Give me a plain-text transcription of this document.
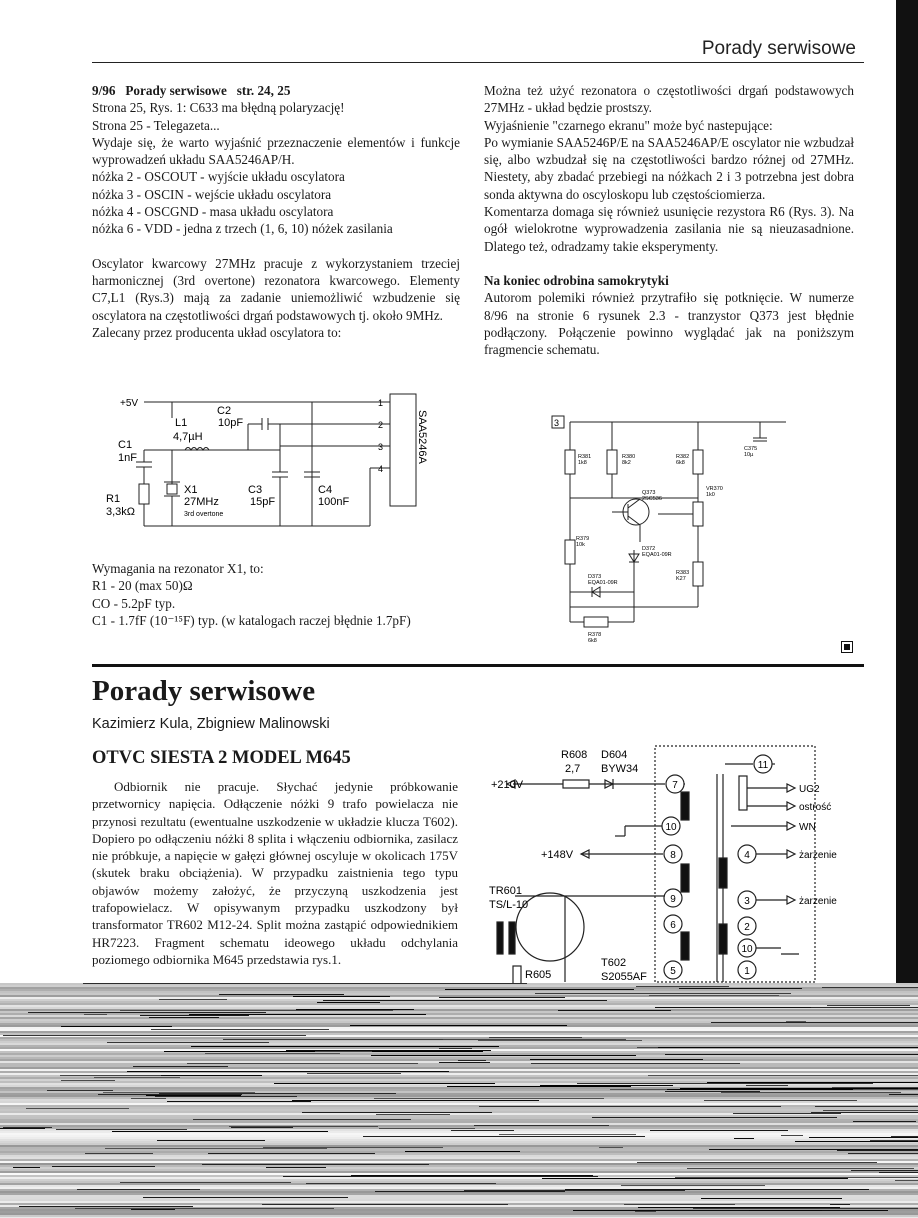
Porady serwisowe

9/96 Porady serwisowe str. 24, 25

Strona 25, Rys. 1: C633 ma błędną polaryzację!

Strona 25 - Telegazeta...

Wydaje się, że warto wyjaśnić przeznaczenie elementów i funkcje wyprowadzeń układu SAA5246AP/H.

nóżka 2 - OSCOUT - wyjście układu oscylatora

nóżka 3 - OSCIN - wejście układu oscylatora

nóżka 4 - OSCGND - masa układu oscylatora

nóżka 6 - VDD - jedna z trzech (1, 6, 10) nóżek zasilania

Oscylator kwarcowy 27MHz pracuje z wykorzystaniem trzeciej harmonicznej (3rd overtone) rezonatora kwarcowego. Elementy C7,L1 (Rys.3) mają za zadanie uniemożliwić wzbudzenie się oscylatora na częstotliwości drgań podstawowych tj. około 9MHz.

Zalecany przez producenta układ oscylatora to:

+5V
L1
4,7µH
C2
10pF
C1
1nF
R1
3,3kΩ
X1
27MHz
3rd overtone
C3
15pF
C4
100nF
1
2
3
4
SAA5246A

Wymagania na rezonator X1, to:

R1 - 20 (max 50)Ω

CO - 5.2pF typ.

C1 - 1.7fF (10⁻¹⁵F) typ. (w katalogach raczej błędnie 1.7pF)

Można też użyć rezonatora o częstotliwości drgań podstawowych 27MHz - układ będzie prostszy.

Wyjaśnienie "czarnego ekranu" może być nastepujące:

Po wymianie SAA5246P/E na SAA5246AP/E oscylator nie wzbudzał się, albo wzbudzał się na częstotliwości bardzo różnej od 27MHz. Niestety, aby zbadać przebiegi na nóżkach 2 i 3 potrzebna jest dobra sonda aktywna do oscyloskopu lub częstościomierza.

Komentarza domaga się również usunięcie rezystora R6 (Rys. 3). Na ogół wielokrotne wyprowadzenia zasilania nie są nieuzasadnione. Dlatego też, odradzamy takie eksperymenty.

Na koniec odrobina samokrytyki

Autorom polemiki również przytrafiło się potknięcie. W numerze 8/96 na stronie 6 rysunek 2.3 - tranzystor Q373 jest błędnie podłączony. Połączenie powinno wyglądać jak na poniższym fragmencie schematu.

3
R381
1k8
R380
8k2
R382
6k8
C375
10µ
Q373
2SC536
VR370
1k0
R379
10k
D372
EQA01-09R
D373
EQA01-09R
R383
K27
R378
6k8
Porady serwisowe
Kazimierz Kula, Zbigniew Malinowski
OTVC SIESTA 2 MODEL M645

Odbiornik nie pracuje. Słychać jedynie próbkowanie przetwornicy napięcia. Odłączenie nóżki 9 trafo powielacza nie przynosi rezultatu (ewentualne uszkodzenie w układzie klucza T602). Dopiero po odłączeniu nóżki 8 splita i włączeniu odbiornika, zasilacz nie próbkuje, a napięcie w gałęzi głównej oscyluje w okolicach 175V (skutek braku obciążenia). W przypadku zaistnienia tego typu objawów możemy założyć, że przyczyną uszkodzenia jest trafopowielacz. W opisywanym przypadku uszkodzony był transformator TR602 M12-24. Split można zastąpić odpowiednikiem HR7223. Fragment schematu ideowego układu odchylania poziomego odbiornika M645 przedstawia rys.1.

R608
2,7
D604
BYW34
+210V
+148V
TR601
TS/L-10
R605
T602
S2055AF
7
10
8
9
6
5
11
4
3
2
10
1
UG2
ostrość
WN
żarzenie
żarzenie
